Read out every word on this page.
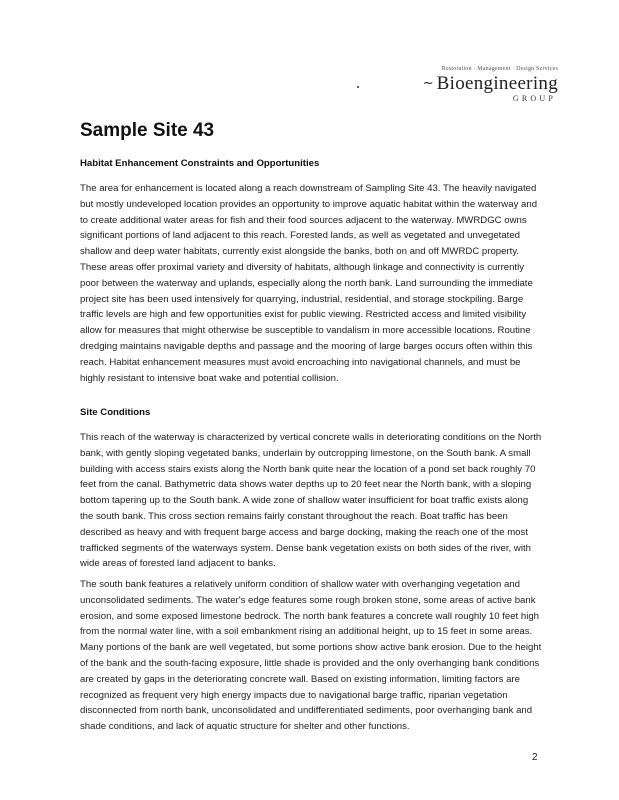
Restoration · Management · Design Services
~ Bioengineering
GROUP
Sample Site 43
Habitat Enhancement Constraints and Opportunities

The area for enhancement is located along a reach downstream of Sampling Site 43. The heavily navigated but mostly undeveloped location provides an opportunity to improve aquatic habitat within the waterway and to create additional water areas for fish and their food sources adjacent to the waterway. MWRDGC owns significant portions of land adjacent to this reach. Forested lands, as well as vegetated and unvegetated shallow and deep water habitats, currently exist alongside the banks, both on and off MWRDC property. These areas offer proximal variety and diversity of habitats, although linkage and connectivity is currently poor between the waterway and uplands, especially along the north bank. Land surrounding the immediate project site has been used intensively for quarrying, industrial, residential, and storage stockpiling. Barge traffic levels are high and few opportunities exist for public viewing. Restricted access and limited visibility allow for measures that might otherwise be susceptible to vandalism in more accessible locations. Routine dredging maintains navigable depths and passage and the mooring of large barges occurs often within this reach. Habitat enhancement measures must avoid encroaching into navigational channels, and must be highly resistant to intensive boat wake and potential collision.

Site Conditions

This reach of the waterway is characterized by vertical concrete walls in deteriorating conditions on the North bank, with gently sloping vegetated banks, underlain by outcropping limestone, on the South bank. A small building with access stairs exists along the North bank quite near the location of a pond set back roughly 70 feet from the canal. Bathymetric data shows water depths up to 20 feet near the North bank, with a sloping bottom tapering up to the South bank. A wide zone of shallow water insufficient for boat traffic exists along the south bank. This cross section remains fairly constant throughout the reach. Boat traffic has been described as heavy and with frequent barge access and barge docking, making the reach one of the most trafficked segments of the waterways system. Dense bank vegetation exists on both sides of the river, with wide areas of forested land adjacent to banks.

The south bank features a relatively uniform condition of shallow water with overhanging vegetation and unconsolidated sediments. The water's edge features some rough broken stone, some areas of active bank erosion, and some exposed limestone bedrock. The north bank features a concrete wall roughly 10 feet high from the normal water line, with a soil embankment rising an additional height, up to 15 feet in some areas. Many portions of the bank are well vegetated, but some portions show active bank erosion. Due to the height of the bank and the south-facing exposure, little shade is provided and the only overhanging bank conditions are created by gaps in the deteriorating concrete wall. Based on existing information, limiting factors are recognized as frequent very high energy impacts due to navigational barge traffic, riparian vegetation disconnected from north bank, unconsolidated and undifferentiated sediments, poor overhanging bank and shade conditions, and lack of aquatic structure for shelter and other functions.

2
